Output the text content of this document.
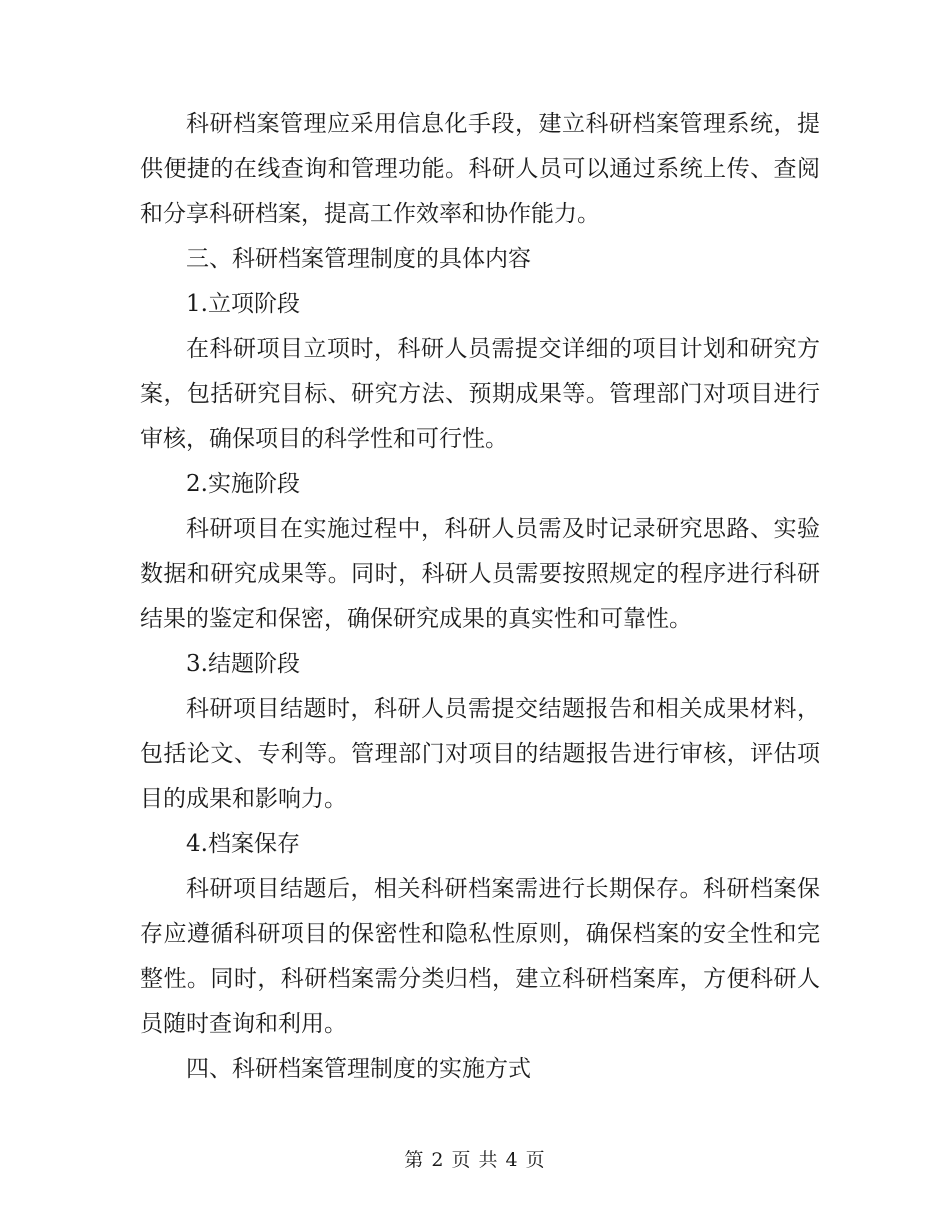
科研档案管理应采用信息化手段，建立科研档案管理系统，提供便捷的在线查询和管理功能。科研人员可以通过系统上传、查阅和分享科研档案，提高工作效率和协作能力。

三、科研档案管理制度的具体内容

1.立项阶段

在科研项目立项时，科研人员需提交详细的项目计划和研究方案，包括研究目标、研究方法、预期成果等。管理部门对项目进行审核，确保项目的科学性和可行性。

2.实施阶段

科研项目在实施过程中，科研人员需及时记录研究思路、实验数据和研究成果等。同时，科研人员需要按照规定的程序进行科研结果的鉴定和保密，确保研究成果的真实性和可靠性。

3.结题阶段

科研项目结题时，科研人员需提交结题报告和相关成果材料，包括论文、专利等。管理部门对项目的结题报告进行审核，评估项目的成果和影响力。

4.档案保存

科研项目结题后，相关科研档案需进行长期保存。科研档案保存应遵循科研项目的保密性和隐私性原则，确保档案的安全性和完整性。同时，科研档案需分类归档，建立科研档案库，方便科研人员随时查询和利用。

四、科研档案管理制度的实施方式

第 2 页 共 4 页
